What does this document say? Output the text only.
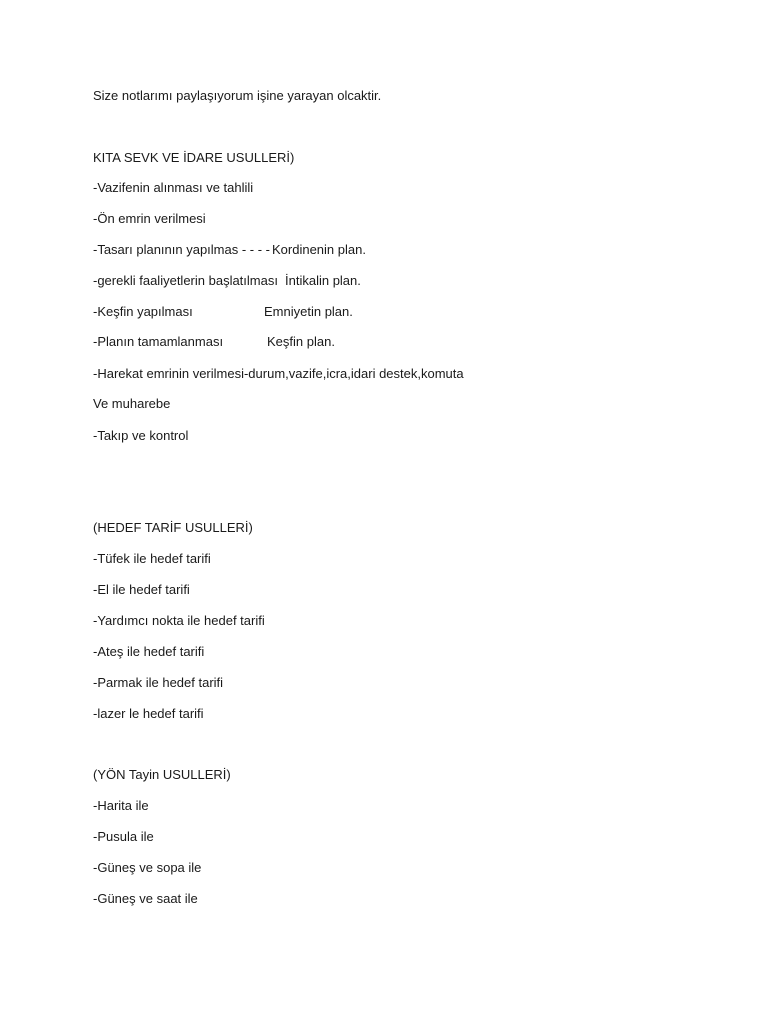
Size notlarımı paylaşıyorum işine yarayan olcaktir.
KITA SEVK VE İDARE USULLERİ)
-Vazifenin alınması ve tahlili
-Ön emrin verilmesi
-Tasarı planının yapılmas - - - - Kordinenin plan.
-gerekli faaliyetlerin başlatılması İntikalin plan.
-Keşfin yapılması	Emniyetin plan.
-Planın tamamlanması	Keşfin plan.
-Harekat emrinin verilmesi-durum,vazife,icra,idari destek,komuta
Ve muharebe
-Takıp ve kontrol
(HEDEF TARİF USULLERİ)
-Tüfek ile hedef tarifi
-El ile hedef tarifi
-Yardımcı nokta ile hedef tarifi
-Ateş ile hedef tarifi
-Parmak ile hedef tarifi
-lazer le hedef tarifi
(YÖN Tayin USULLERİ)
-Harita ile
-Pusula ile
-Güneş ve sopa ile
-Güneş ve saat ile
